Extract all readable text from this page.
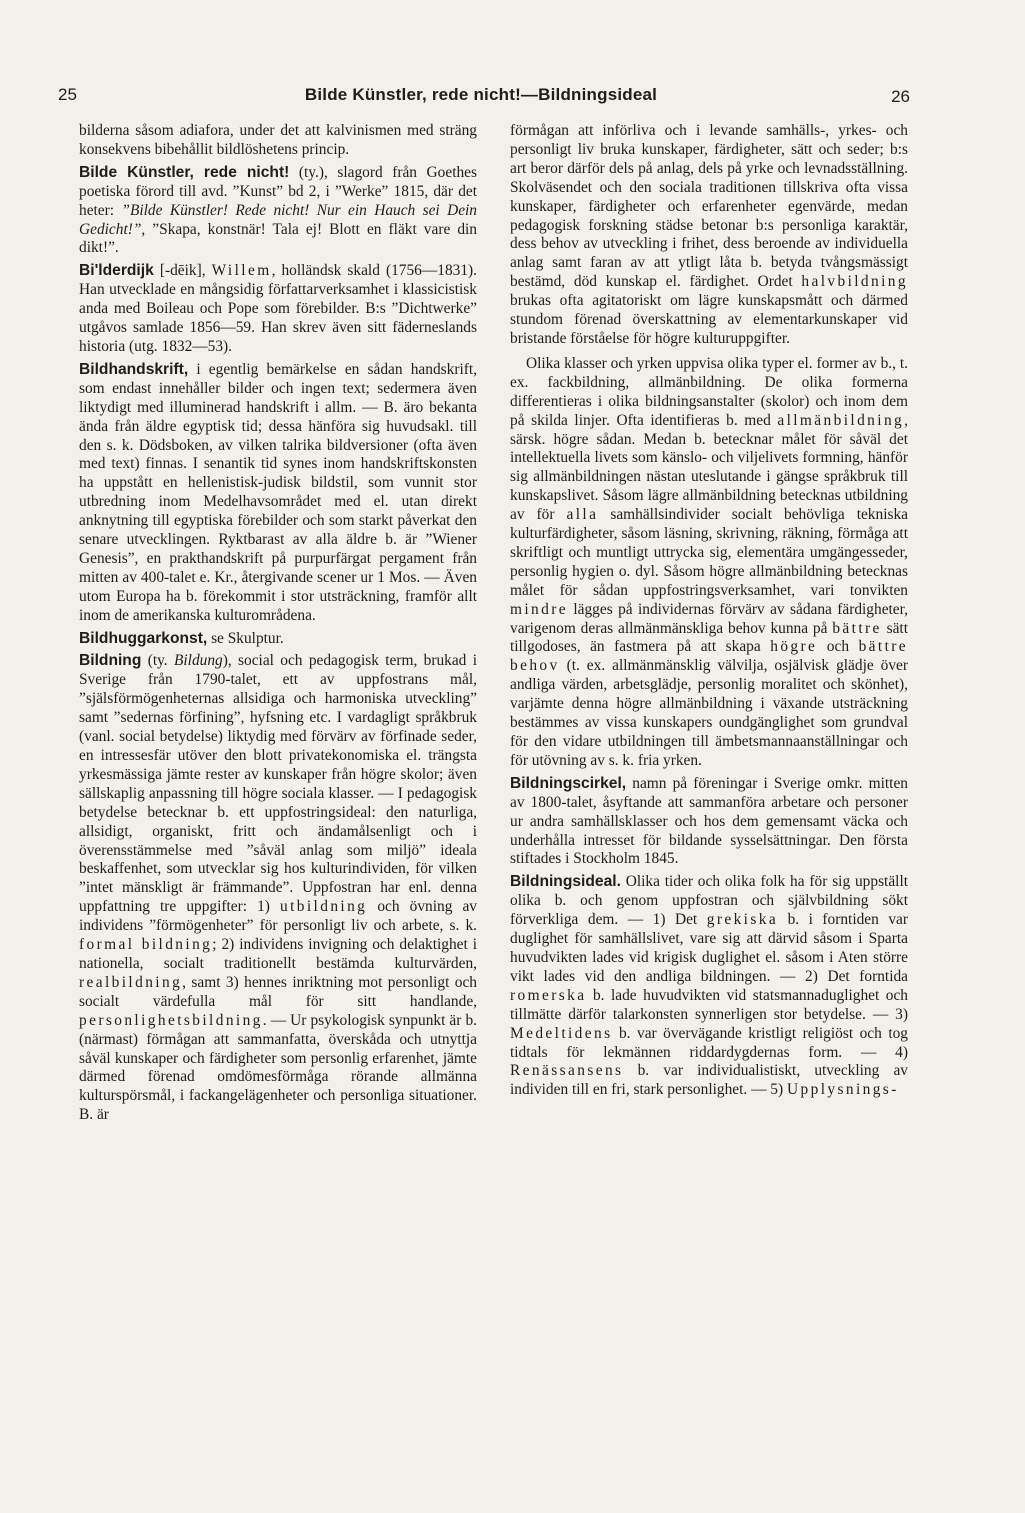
25	Bilde Künstler, rede nicht!—Bildningsideal	26

bilderna såsom adiafora, under det att kalvinismen med sträng konsekvens bibehållit bildlöshetens princip.

Bilde Künstler, rede nicht! (ty.), slagord från Goethes poetiska förord till avd. ”Kunst” bd 2, i ”Werke” 1815, där det heter: ”Bilde Künstler! Rede nicht! Nur ein Hauch sei Dein Gedicht!”, ”Skapa, konstnär! Tala ej! Blott en fläkt vare din dikt!”.

Bi'lderdijk [-dēik], Willem, holländsk skald (1756—1831). Han utvecklade en mångsidig författarverksamhet i klassicistisk anda med Boileau och Pope som förebilder. B:s ”Dichtwerke” utgåvos samlade 1856—59. Han skrev även sitt fäderneslands historia (utg. 1832—53).

Bildhandskrift, i egentlig bemärkelse en sådan handskrift, som endast innehåller bilder och ingen text; sedermera även liktydigt med illuminerad handskrift i allm. — B. äro bekanta ända från äldre egyptisk tid; dessa hänföra sig huvudsakl. till den s. k. Dödsboken, av vilken talrika bildversioner (ofta även med text) finnas. I senantik tid synes inom handskriftskonsten ha uppstått en hellenistisk-judisk bildstil, som vunnit stor utbredning inom Medelhavsområdet med el. utan direkt anknytning till egyptiska förebilder och som starkt påverkat den senare utvecklingen. Ryktbarast av alla äldre b. är ”Wiener Genesis”, en prakthandskrift på purpurfärgat pergament från mitten av 400-talet e. Kr., återgivande scener ur 1 Mos. — Även utom Europa ha b. förekommit i stor utsträckning, framför allt inom de amerikanska kulturområdena.

Bildhuggarkonst, se Skulptur.

Bildning (ty. Bildung), social och pedagogisk term, brukad i Sverige från 1790-talet, ett av uppfostrans mål, ”själsförmögenheternas allsidiga och harmoniska utveckling” samt ”sedernas förfining”, hyfsning etc. I vardagligt språkbruk (vanl. social betydelse) liktydig med förvärv av förfinade seder, en intressesfär utöver den blott privatekonomiska el. trängsta yrkesmässiga jämte rester av kunskaper från högre skolor; även sällskaplig anpassning till högre sociala klasser. — I pedagogisk betydelse betecknar b. ett uppfostringsideal: den naturliga, allsidigt, organiskt, fritt och ändamålsenligt och i överensstämmelse med ”såväl anlag som miljö” ideala beskaffenhet, som utvecklar sig hos kulturindividen, för vilken ”intet mänskligt är främmande”. Uppfostran har enl. denna uppfattning tre uppgifter: 1) utbildning och övning av individens ”förmögenheter” för personligt liv och arbete, s. k. formal bildning; 2) individens invigning och delaktighet i nationella, socialt traditionellt bestämda kulturvärden, realbildning, samt 3) hennes inriktning mot personligt och socialt värdefulla mål för sitt handlande, personlighetsbildning. — Ur psykologisk synpunkt är b. (närmast) förmågan att sammanfatta, överskåda och utnyttja såväl kunskaper och färdigheter som personlig erfarenhet, jämte därmed förenad omdömesförmåga rörande allmänna kulturspörsmål, i fackangelägenheter och personliga situationer. B. är

förmågan att införliva och i levande samhälls-, yrkes- och personligt liv bruka kunskaper, färdigheter, sätt och seder; b:s art beror därför dels på anlag, dels på yrke och levnadsställning. Skolväsendet och den sociala traditionen tillskriva ofta vissa kunskaper, färdigheter och erfarenheter egenvärde, medan pedagogisk forskning städse betonar b:s personliga karaktär, dess behov av utveckling i frihet, dess beroende av individuella anlag samt faran av att ytligt låta b. betyda tvångsmässigt bestämd, död kunskap el. färdighet. Ordet halvbildning brukas ofta agitatoriskt om lägre kunskapsmått och därmed stundom förenad överskattning av elementarkunskaper vid bristande förståelse för högre kulturuppgifter.

Olika klasser och yrken uppvisa olika typer el. former av b., t. ex. fackbildning, allmänbildning. De olika formerna differentieras i olika bildningsanstalter (skolor) och inom dem på skilda linjer. Ofta identifieras b. med allmänbildning, särsk. högre sådan. Medan b. betecknar målet för såväl det intellektuella livets som känslo- och viljelivets formning, hänför sig allmänbildningen nästan uteslutande i gängse språkbruk till kunskapslivet. Såsom lägre allmänbildning betecknas utbildning av för alla samhällsindivider socialt behövliga tekniska kulturfärdigheter, såsom läsning, skrivning, räkning, förmåga att skriftligt och muntligt uttrycka sig, elementära umgängesseder, personlig hygien o. dyl. Såsom högre allmänbildning betecknas målet för sådan uppfostringsverksamhet, vari tonvikten mindre lägges på individernas förvärv av sådana färdigheter, varigenom deras allmänmänskliga behov kunna på bättre sätt tillgodoses, än fastmera på att skapa högre och bättre behov (t. ex. allmänmänsklig välvilja, osjälvisk glädje över andliga värden, arbetsglädje, personlig moralitet och skönhet), varjämte denna högre allmänbildning i växande utsträckning bestämmes av vissa kunskapers oundgänglighet som grundval för den vidare utbildningen till ämbetsmannaanställningar och för utövning av s. k. fria yrken.

Bildningscirkel, namn på föreningar i Sverige omkr. mitten av 1800-talet, åsyftande att sammanföra arbetare och personer ur andra samhällsklasser och hos dem gemensamt väcka och underhålla intresset för bildande sysselsättningar. Den första stiftades i Stockholm 1845.

Bildningsideal. Olika tider och olika folk ha för sig uppställt olika b. och genom uppfostran och självbildning sökt förverkliga dem. — 1) Det grekiska b. i forntiden var duglighet för samhällslivet, vare sig att därvid såsom i Sparta huvudvikten lades vid krigisk duglighet el. såsom i Aten större vikt lades vid den andliga bildningen. — 2) Det forntida romerska b. lade huvudvikten vid statsmannaduglighet och tillmätte därför talarkonsten synnerligen stor betydelse. — 3) Medeltidens b. var övervägande kristligt religiöst och tog tidtals för lekmännen riddardygdernas form. — 4) Renässansens b. var individualistiskt, utveckling av individen till en fri, stark personlighet. — 5) Upplysnings-
